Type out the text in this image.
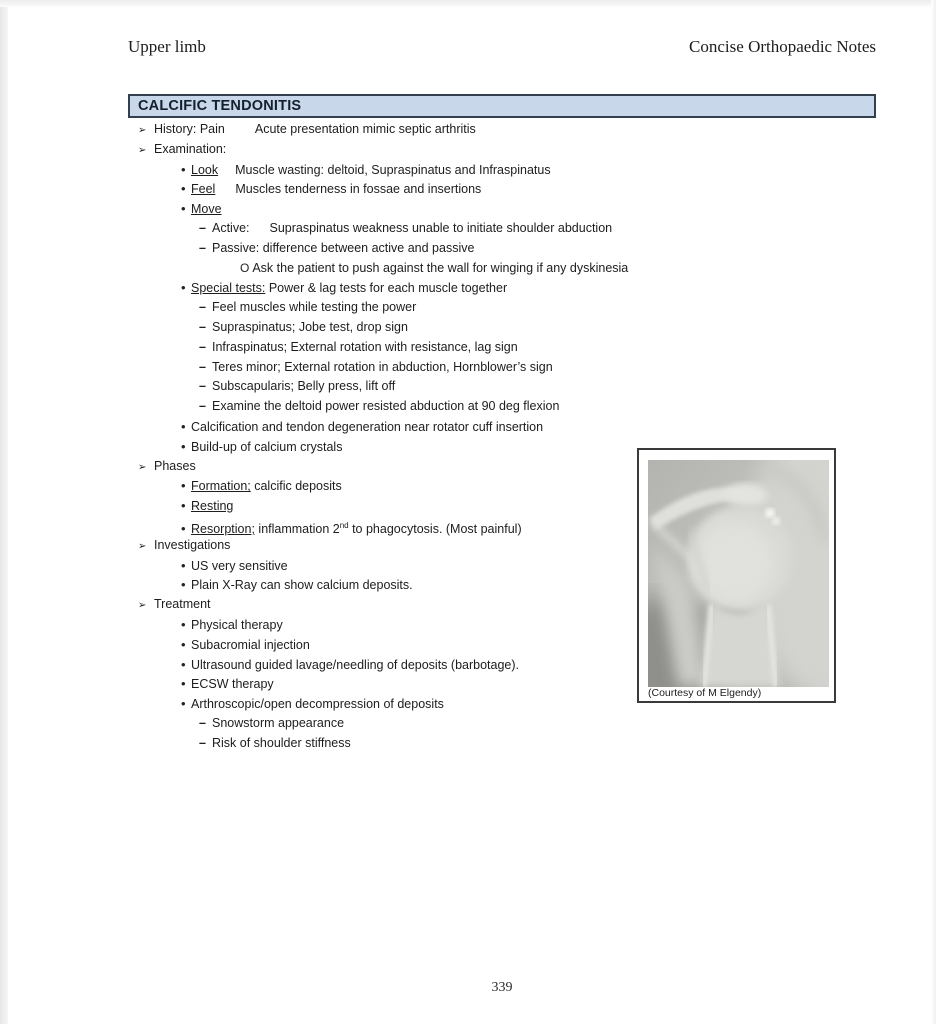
Upper limb	Concise Orthopaedic Notes
CALCIFIC TENDONITIS
➢ History: Pain Acute presentation mimic septic arthritis
➢ Examination:
• Look Muscle wasting: deltoid, Supraspinatus and Infraspinatus
• Feel Muscles tenderness in fossae and insertions
• Move
– Active: Supraspinatus weakness unable to initiate shoulder abduction
– Passive: difference between active and passive
O Ask the patient to push against the wall for winging if any dyskinesia
• Special tests: Power & lag tests for each muscle together
– Feel muscles while testing the power
– Supraspinatus; Jobe test, drop sign
– Infraspinatus; External rotation with resistance, lag sign
– Teres minor; External rotation in abduction, Hornblower’s sign
– Subscapularis; Belly press, lift off
– Examine the deltoid power resisted abduction at 90 deg flexion
• Calcification and tendon degeneration near rotator cuff insertion
• Build-up of calcium crystals
➢ Phases
• Formation; calcific deposits
• Resting
• Resorption; inflammation 2nd to phagocytosis. (Most painful)
➢ Investigations
• US very sensitive
• Plain X-Ray can show calcium deposits.
➢ Treatment
• Physical therapy
• Subacromial injection
• Ultrasound guided lavage/needling of deposits (barbotage).
• ECSW therapy
• Arthroscopic/open decompression of deposits
– Snowstorm appearance
– Risk of shoulder stiffness
(Courtesy of M Elgendy)
339
